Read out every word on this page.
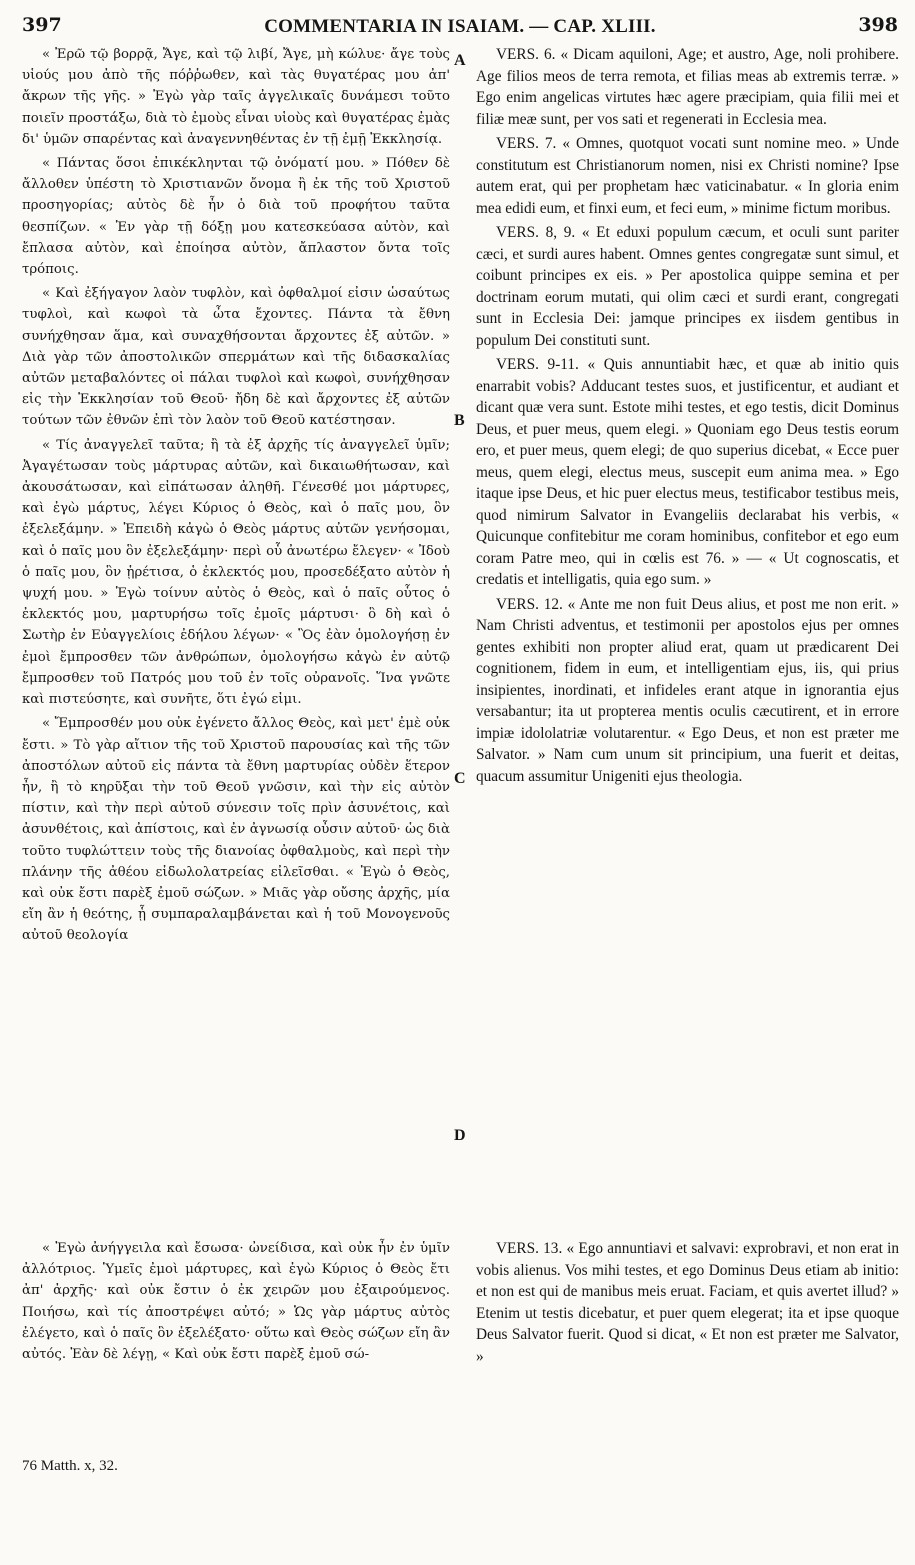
397	COMMENTARIA IN ISAIAM. — CAP. XLIII.	398

« Ἐρῶ τῷ βορρᾷ, Ἄγε, καὶ τῷ λιβί, Ἄγε, μὴ κώλυε· ἄγε τοὺς υἱούς μου ἀπὸ τῆς πόῤῥωθεν, καὶ τὰς θυγατέρας μου ἀπ' ἄκρων τῆς γῆς. » Ἐγὼ γὰρ ταῖς ἀγγελικαῖς δυνάμεσι τοῦτο ποιεῖν προστάξω, διὰ τὸ ἐμοὺς εἶναι υἱοὺς καὶ θυγατέρας ἐμὰς δι' ὑμῶν σπαρέντας καὶ ἀναγεννηθέντας ἐν τῇ ἐμῇ Ἐκκλησίᾳ.

« Πάντας ὅσοι ἐπικέκληνται τῷ ὀνόματί μου. » Πόθεν δὲ ἄλλοθεν ὑπέστη τὸ Χριστιανῶν ὄνομα ἢ ἐκ τῆς τοῦ Χριστοῦ προσηγορίας; αὐτὸς δὲ ἦν ὁ διὰ τοῦ προφήτου ταῦτα θεσπίζων. « Ἐν γὰρ τῇ δόξῃ μου κατεσκεύασα αὐτὸν, καὶ ἔπλασα αὐτὸν, καὶ ἐποίησα αὐτὸν, ἄπλαστον ὄντα τοῖς τρόποις.

« Καὶ ἐξήγαγον λαὸν τυφλὸν, καὶ ὀφθαλμοί εἰσιν ὡσαύτως τυφλοὶ, καὶ κωφοὶ τὰ ὦτα ἔχοντες. Πάντα τὰ ἔθνη συνήχθησαν ἅμα, καὶ συναχθήσονται ἄρχοντες ἐξ αὐτῶν. » Διὰ γὰρ τῶν ἀποστολικῶν σπερμάτων καὶ τῆς διδασκαλίας αὐτῶν μεταβαλόντες οἱ πάλαι τυφλοὶ καὶ κωφοὶ, συνήχθησαν εἰς τὴν Ἐκκλησίαν τοῦ Θεοῦ· ἤδη δὲ καὶ ἄρχοντες ἐξ αὐτῶν τούτων τῶν ἐθνῶν ἐπὶ τὸν λαὸν τοῦ Θεοῦ κατέστησαν.

« Τίς ἀναγγελεῖ ταῦτα; ἢ τὰ ἐξ ἀρχῆς τίς ἀναγγελεῖ ὑμῖν; Ἀγαγέτωσαν τοὺς μάρτυρας αὐτῶν, καὶ δικαιωθήτωσαν, καὶ ἀκουσάτωσαν, καὶ εἰπάτωσαν ἀληθῆ. Γένεσθέ μοι μάρτυρες, καὶ ἐγὼ μάρτυς, λέγει Κύριος ὁ Θεὸς, καὶ ὁ παῖς μου, ὃν ἐξελεξάμην. » Ἐπειδὴ κἀγὼ ὁ Θεὸς μάρτυς αὐτῶν γενήσομαι, καὶ ὁ παῖς μου ὃν ἐξελεξάμην· περὶ οὗ ἀνωτέρω ἔλεγεν· « Ἰδοὺ ὁ παῖς μου, ὃν ᾑρέτισα, ὁ ἐκλεκτός μου, προσεδέξατο αὐτὸν ἡ ψυχή μου. » Ἐγὼ τοίνυν αὐτὸς ὁ Θεὸς, καὶ ὁ παῖς οὗτος ὁ ἐκλεκτός μου, μαρτυρήσω τοῖς ἐμοῖς μάρτυσι· ὃ δὴ καὶ ὁ Σωτὴρ ἐν Εὐαγγελίοις ἐδήλου λέγων· « Ὃς ἐὰν ὁμολογήσῃ ἐν ἐμοὶ ἔμπροσθεν τῶν ἀνθρώπων, ὁμολογήσω κἀγὼ ἐν αὐτῷ ἔμπροσθεν τοῦ Πατρός μου τοῦ ἐν τοῖς οὐρανοῖς. Ἵνα γνῶτε καὶ πιστεύσητε, καὶ συνῆτε, ὅτι ἐγώ εἰμι.

« Ἔμπροσθέν μου οὐκ ἐγένετο ἄλλος Θεὸς, καὶ μετ' ἐμὲ οὐκ ἔστι. » Τὸ γὰρ αἴτιον τῆς τοῦ Χριστοῦ παρουσίας καὶ τῆς τῶν ἀποστόλων αὐτοῦ εἰς πάντα τὰ ἔθνη μαρτυρίας οὐδὲν ἕτερον ἦν, ἢ τὸ κηρῦξαι τὴν τοῦ Θεοῦ γνῶσιν, καὶ τὴν εἰς αὐτὸν πίστιν, καὶ τὴν περὶ αὐτοῦ σύνεσιν τοῖς πρὶν ἀσυνέτοις, καὶ ἀσυνθέτοις, καὶ ἀπίστοις, καὶ ἐν ἀγνωσίᾳ οὖσιν αὐτοῦ· ὡς διὰ τοῦτο τυφλώττειν τοὺς τῆς διανοίας ὀφθαλμοὺς, καὶ περὶ τὴν πλάνην τῆς ἀθέου εἰδωλολατρείας εἰλεῖσθαι. « Ἐγὼ ὁ Θεὸς, καὶ οὐκ ἔστι παρὲξ ἐμοῦ σώζων. » Μιᾶς γὰρ οὔσης ἀρχῆς, μία εἴη ἂν ἡ θεότης, ᾗ συμπαραλαμβάνεται καὶ ἡ τοῦ Μονογενοῦς αὐτοῦ θεολογία

A
B
C
D

VERS. 6. « Dicam aquiloni, Age; et austro, Age, noli prohibere. Age filios meos de terra remota, et filias meas ab extremis terræ. » Ego enim angelicas virtutes hæc agere præcipiam, quia filii mei et filiæ meæ sunt, per vos sati et regenerati in Ecclesia mea.

VERS. 7. « Omnes, quotquot vocati sunt nomine meo. » Unde constitutum est Christianorum nomen, nisi ex Christi nomine? Ipse autem erat, qui per prophetam hæc vaticinabatur. « In gloria enim mea edidi eum, et finxi eum, et feci eum, » minime fictum moribus.

VERS. 8, 9. « Et eduxi populum cæcum, et oculi sunt pariter cæci, et surdi aures habent. Omnes gentes congregatæ sunt simul, et coibunt principes ex eis. » Per apostolica quippe semina et per doctrinam eorum mutati, qui olim cæci et surdi erant, congregati sunt in Ecclesia Dei: jamque principes ex iisdem gentibus in populum Dei constituti sunt.

VERS. 9-11. « Quis annuntiabit hæc, et quæ ab initio quis enarrabit vobis? Adducant testes suos, et justificentur, et audiant et dicant quæ vera sunt. Estote mihi testes, et ego testis, dicit Dominus Deus, et puer meus, quem elegi. » Quoniam ego Deus testis eorum ero, et puer meus, quem elegi; de quo superius dicebat, « Ecce puer meus, quem elegi, electus meus, suscepit eum anima mea. » Ego itaque ipse Deus, et hic puer electus meus, testificabor testibus meis, quod nimirum Salvator in Evangeliis declarabat his verbis, « Quicunque confitebitur me coram hominibus, confitebor et ego eum coram Patre meo, qui in cœlis est 76. » — « Ut cognoscatis, et credatis et intelligatis, quia ego sum. »

VERS. 12. « Ante me non fuit Deus alius, et post me non erit. » Nam Christi adventus, et testimonii per apostolos ejus per omnes gentes exhibiti non propter aliud erat, quam ut prædicarent Dei cognitionem, fidem in eum, et intelligentiam ejus, iis, qui prius insipientes, inordinati, et infideles erant atque in ignorantia ejus versabantur; ita ut propterea mentis oculis cæcutirent, et in errore impiæ idololatriæ volutarentur. « Ego Deus, et non est præter me Salvator. » Nam cum unum sit principium, una fuerit et deitas, quacum assumitur Unigeniti ejus theologia.

« Ἐγὼ ἀνήγγειλα καὶ ἔσωσα· ὠνείδισα, καὶ οὐκ ἦν ἐν ὑμῖν ἀλλότριος. Ὑμεῖς ἐμοὶ μάρτυρες, καὶ ἐγὼ Κύριος ὁ Θεὸς ἔτι ἀπ' ἀρχῆς· καὶ οὐκ ἔστιν ὁ ἐκ χειρῶν μου ἐξαιρούμενος. Ποιήσω, καὶ τίς ἀποστρέψει αὐτό; » Ὡς γὰρ μάρτυς αὐτὸς ἐλέγετο, καὶ ὁ παῖς ὃν ἐξελέξατο· οὕτω καὶ Θεὸς σώζων εἴη ἂν αὐτός. Ἐὰν δὲ λέγῃ, « Καὶ οὐκ ἔστι παρὲξ ἐμοῦ σώ-

VERS. 13. « Ego annuntiavi et salvavi: exprobravi, et non erat in vobis alienus. Vos mihi testes, et ego Dominus Deus etiam ab initio: et non est qui de manibus meis eruat. Faciam, et quis avertet illud? » Etenim ut testis dicebatur, et puer quem elegerat; ita et ipse quoque Deus Salvator fuerit. Quod si dicat, « Et non est præter me Salvator, »

76 Matth. x, 32.
